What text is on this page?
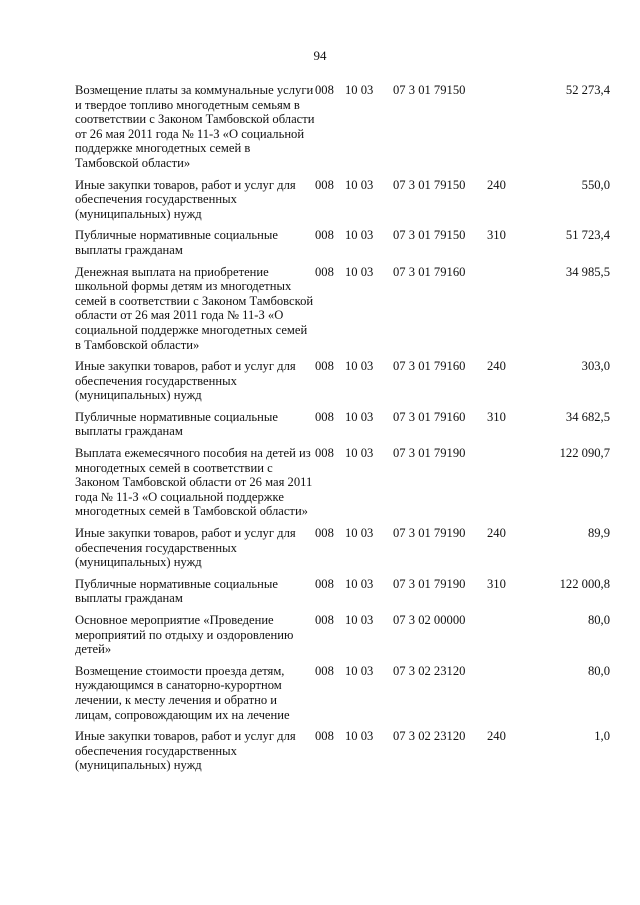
94
Возмещение платы за коммунальные услуги и твердое топливо многодетным семьям в соответствии с Законом Тамбовской области от 26 мая 2011 года № 11-З «О социальной поддержке многодетных семей в Тамбовской области»	008	10 03	07 3 01 79150		52 273,4
Иные закупки товаров, работ и услуг для обеспечения государственных (муниципальных) нужд	008	10 03	07 3 01 79150	240	550,0
Публичные нормативные социальные выплаты гражданам	008	10 03	07 3 01 79150	310	51 723,4
Денежная выплата на приобретение школьной формы детям из многодетных семей в соответствии с Законом Тамбовской области от 26 мая 2011 года № 11-З «О социальной поддержке многодетных семей в Тамбовской области»	008	10 03	07 3 01 79160		34 985,5
Иные закупки товаров, работ и услуг для обеспечения государственных (муниципальных) нужд	008	10 03	07 3 01 79160	240	303,0
Публичные нормативные социальные выплаты гражданам	008	10 03	07 3 01 79160	310	34 682,5
Выплата ежемесячного пособия на детей из многодетных семей в соответствии с Законом Тамбовской области от 26 мая 2011 года № 11-З «О социальной поддержке многодетных семей в Тамбовской области»	008	10 03	07 3 01 79190		122 090,7
Иные закупки товаров, работ и услуг для обеспечения государственных (муниципальных) нужд	008	10 03	07 3 01 79190	240	89,9
Публичные нормативные социальные выплаты гражданам	008	10 03	07 3 01 79190	310	122 000,8
Основное мероприятие «Проведение мероприятий по отдыху и оздоровлению детей»	008	10 03	07 3 02 00000		80,0
Возмещение стоимости проезда детям, нуждающимся в санаторно-курортном лечении, к месту лечения и обратно и лицам, сопровождающим их на лечение	008	10 03	07 3 02 23120		80,0
Иные закупки товаров, работ и услуг для обеспечения государственных (муниципальных) нужд	008	10 03	07 3 02 23120	240	1,0
